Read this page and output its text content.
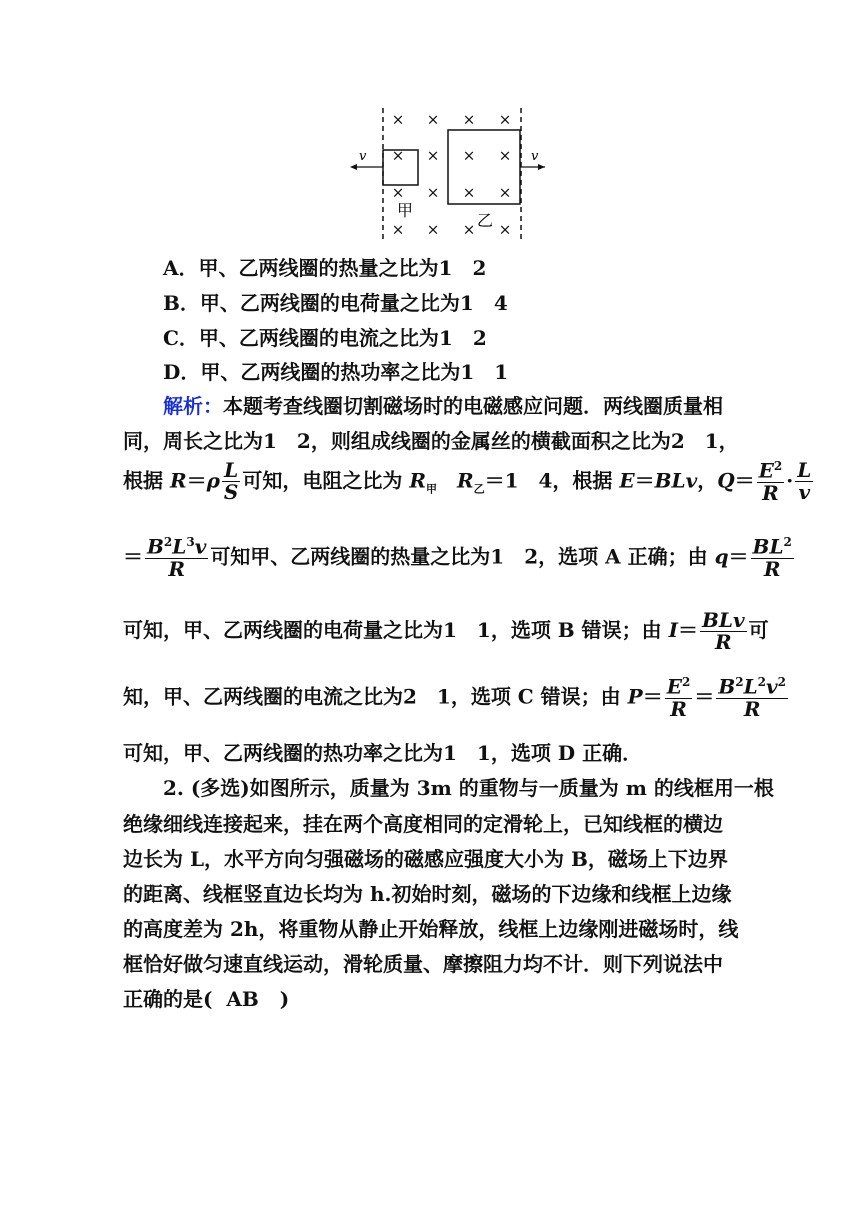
× × × ×
× × × ×
× × × ×
× × × ×
v	v
甲
乙
A．甲、乙两线圈的热量之比为1　2
B．甲、乙两线圈的电荷量之比为1　4
C．甲、乙两线圈的电流之比为1　2
D．甲、乙两线圈的热功率之比为1　1
解析：本题考查线圈切割磁场时的电磁感应问题．两线圈质量相
同，周长之比为1　2，则组成线圈的金属丝的横截面积之比为2　1，
根据 $R=\rho \frac{L}{S}$ 可知，电阻之比为 $R_甲$　 $R_乙=1$　4，根据 E＝BLv，$Q= \frac{E^2}{R} \cdot \frac{L}{v}$
＝ $\frac{B^2L^3v}{R}$ 可知甲、乙两线圈的热量之比为1　2，选项 A 正确；由 $q= \frac{BL^2}{R}$
可知，甲、乙两线圈的电荷量之比为1　1，选项 B 错误；由 $I= \frac{\text{BLv}}{R}$ 可
知，甲、乙两线圈的电流之比为2　1，选项 C 错误；由 $P= \frac{E^2}{R} = \frac{B^2L^2v^2}{R}$
可知，甲、乙两线圈的热功率之比为1　1，选项 D 正确．
2. (多选)如图所示，质量为 3m 的重物与一质量为 m 的线框用一根
绝缘细线连接起来，挂在两个高度相同的定滑轮上，已知线框的横边
边长为 L，水平方向匀强磁场的磁感应强度大小为 B，磁场上下边界
的距离、线框竖直边长均为 h.初始时刻，磁场的下边缘和线框上边缘
的高度差为 2h，将重物从静止开始释放，线框上边缘刚进磁场时，线
框恰好做匀速直线运动，滑轮质量、摩擦阻力均不计．则下列说法中
正确的是( AB )
